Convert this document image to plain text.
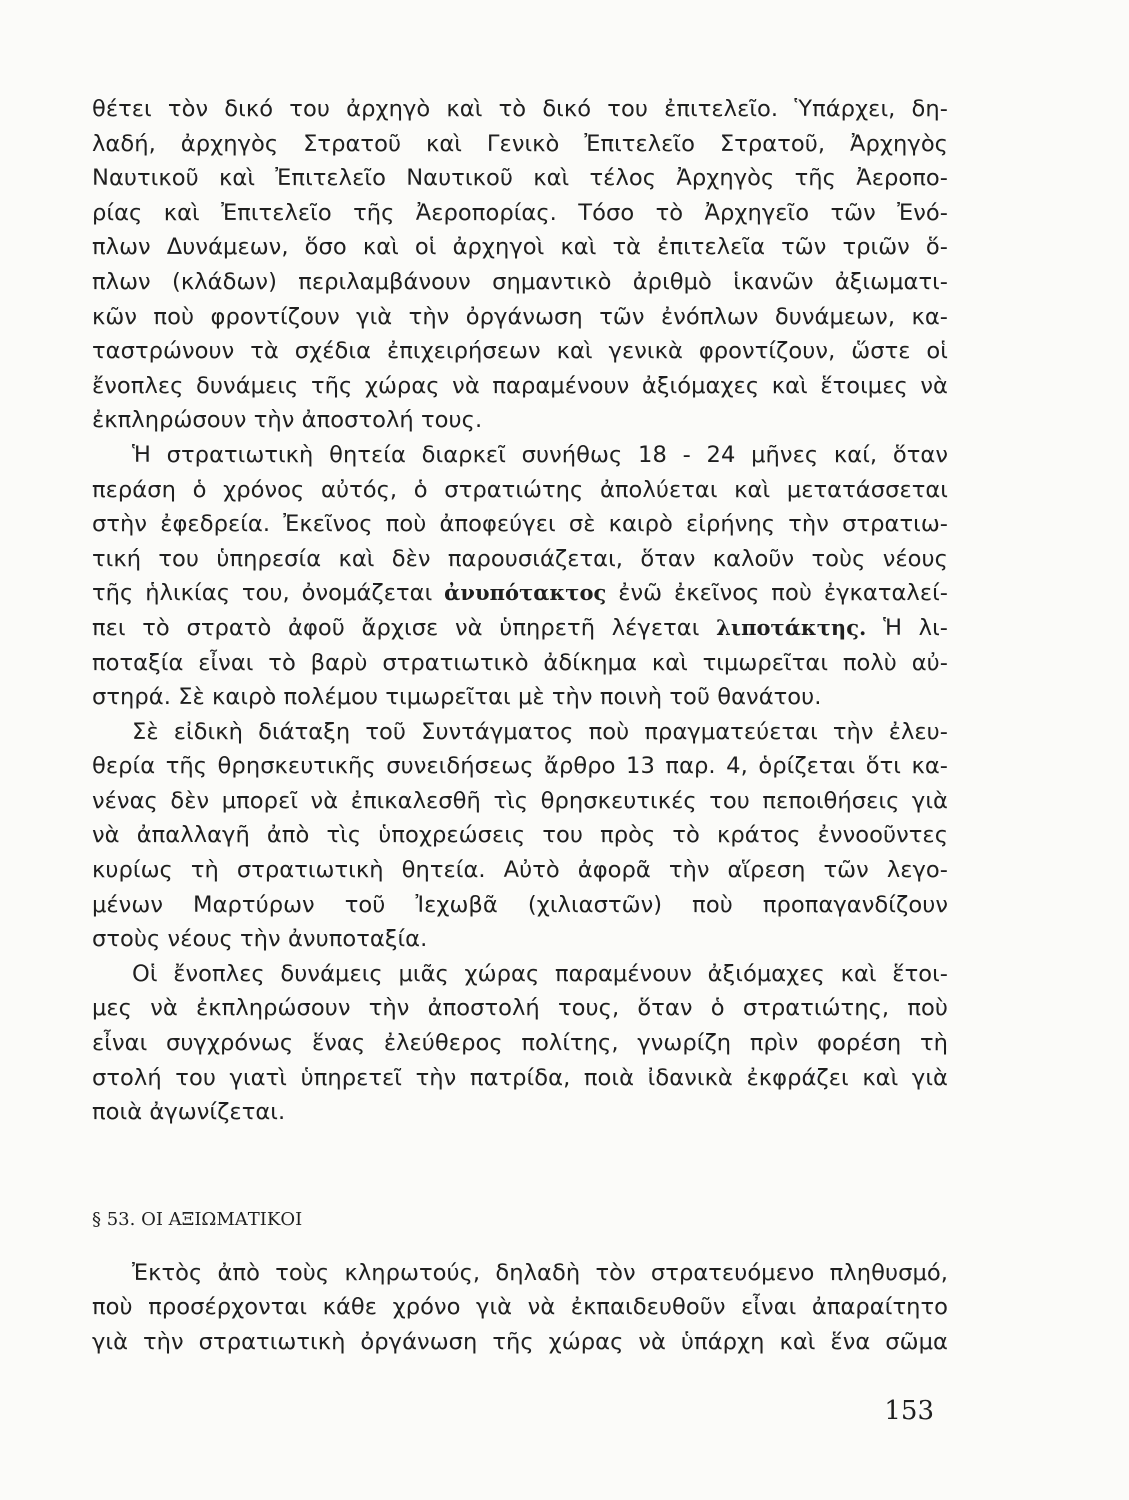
θέτει τὸν δικό του ἀρχηγὸ καὶ τὸ δικό του ἐπιτελεῖο. Ὑπάρχει, δη-
λαδή, ἀρχηγὸς Στρατοῦ καὶ Γενικὸ Ἐπιτελεῖο Στρατοῦ, Ἀρχηγὸς
Ναυτικοῦ καὶ Ἐπιτελεῖο Ναυτικοῦ καὶ τέλος Ἀρχηγὸς τῆς Ἀεροπο-
ρίας καὶ Ἐπιτελεῖο τῆς Ἀεροπορίας. Τόσο τὸ Ἀρχηγεῖο τῶν Ἐνό-
πλων Δυνάμεων, ὅσο καὶ οἱ ἀρχηγοὶ καὶ τὰ ἐπιτελεῖα τῶν τριῶν ὅ-
πλων (κλάδων) περιλαμβάνουν σημαντικὸ ἀριθμὸ ἱκανῶν ἀξιωματι-
κῶν ποὺ φροντίζουν γιὰ τὴν ὀργάνωση τῶν ἐνόπλων δυνάμεων, κα-
ταστρώνουν τὰ σχέδια ἐπιχειρήσεων καὶ γενικὰ φροντίζουν, ὥστε οἱ
ἔνοπλες δυνάμεις τῆς χώρας νὰ παραμένουν ἀξιόμαχες καὶ ἕτοιμες νὰ
ἐκπληρώσουν τὴν ἀποστολή τους.
Ἡ στρατιωτικὴ θητεία διαρκεῖ συνήθως 18 - 24 μῆνες καί, ὅταν
περάση ὁ χρόνος αὐτός, ὁ στρατιώτης ἀπολύεται καὶ μετατάσσεται
στὴν ἐφεδρεία. Ἐκεῖνος ποὺ ἀποφεύγει σὲ καιρὸ εἰρήνης τὴν στρατιω-
τική του ὑπηρεσία καὶ δὲν παρουσιάζεται, ὅταν καλοῦν τοὺς νέους
τῆς ἡλικίας του, ὀνομάζεται ἀνυπότακτος ἐνῶ ἐκεῖνος ποὺ ἐγκαταλεί-
πει τὸ στρατὸ ἀφοῦ ἄρχισε νὰ ὑπηρετῆ λέγεται λιποτάκτης. Ἡ λι-
ποταξία εἶναι τὸ βαρὺ στρατιωτικὸ ἀδίκημα καὶ τιμωρεῖται πολὺ αὐ-
στηρά. Σὲ καιρὸ πολέμου τιμωρεῖται μὲ τὴν ποινὴ τοῦ θανάτου.
Σὲ εἰδικὴ διάταξη τοῦ Συντάγματος ποὺ πραγματεύεται τὴν ἐλευ-
θερία τῆς θρησκευτικῆς συνειδήσεως ἄρθρο 13 παρ. 4, ὁρίζεται ὅτι κα-
νένας δὲν μπορεῖ νὰ ἐπικαλεσθῆ τὶς θρησκευτικές του πεποιθήσεις γιὰ
νὰ ἀπαλλαγῆ ἀπὸ τὶς ὑποχρεώσεις του πρὸς τὸ κράτος ἐννοοῦντες
κυρίως τὴ στρατιωτικὴ θητεία. Αὐτὸ ἀφορᾶ τὴν αἵρεση τῶν λεγο-
μένων Μαρτύρων τοῦ Ἰεχωβᾶ (χιλιαστῶν) ποὺ προπαγανδίζουν
στοὺς νέους τὴν ἀνυποταξία.
Οἱ ἔνοπλες δυνάμεις μιᾶς χώρας παραμένουν ἀξιόμαχες καὶ ἕτοι-
μες νὰ ἐκπληρώσουν τὴν ἀποστολή τους, ὅταν ὁ στρατιώτης, ποὺ
εἶναι συγχρόνως ἕνας ἐλεύθερος πολίτης, γνωρίζη πρὶν φορέση τὴ
στολή του γιατὶ ὑπηρετεῖ τὴν πατρίδα, ποιὰ ἰδανικὰ ἐκφράζει καὶ γιὰ
ποιὰ ἀγωνίζεται.
§ 53. ΟΙ ΑΞΙΩΜΑΤΙΚΟΙ
Ἐκτὸς ἀπὸ τοὺς κληρωτούς, δηλαδὴ τὸν στρατευόμενο πληθυσμό,
ποὺ προσέρχονται κάθε χρόνο γιὰ νὰ ἐκπαιδευθοῦν εἶναι ἀπαραίτητο
γιὰ τὴν στρατιωτικὴ ὀργάνωση τῆς χώρας νὰ ὑπάρχη καὶ ἕνα σῶμα
153
